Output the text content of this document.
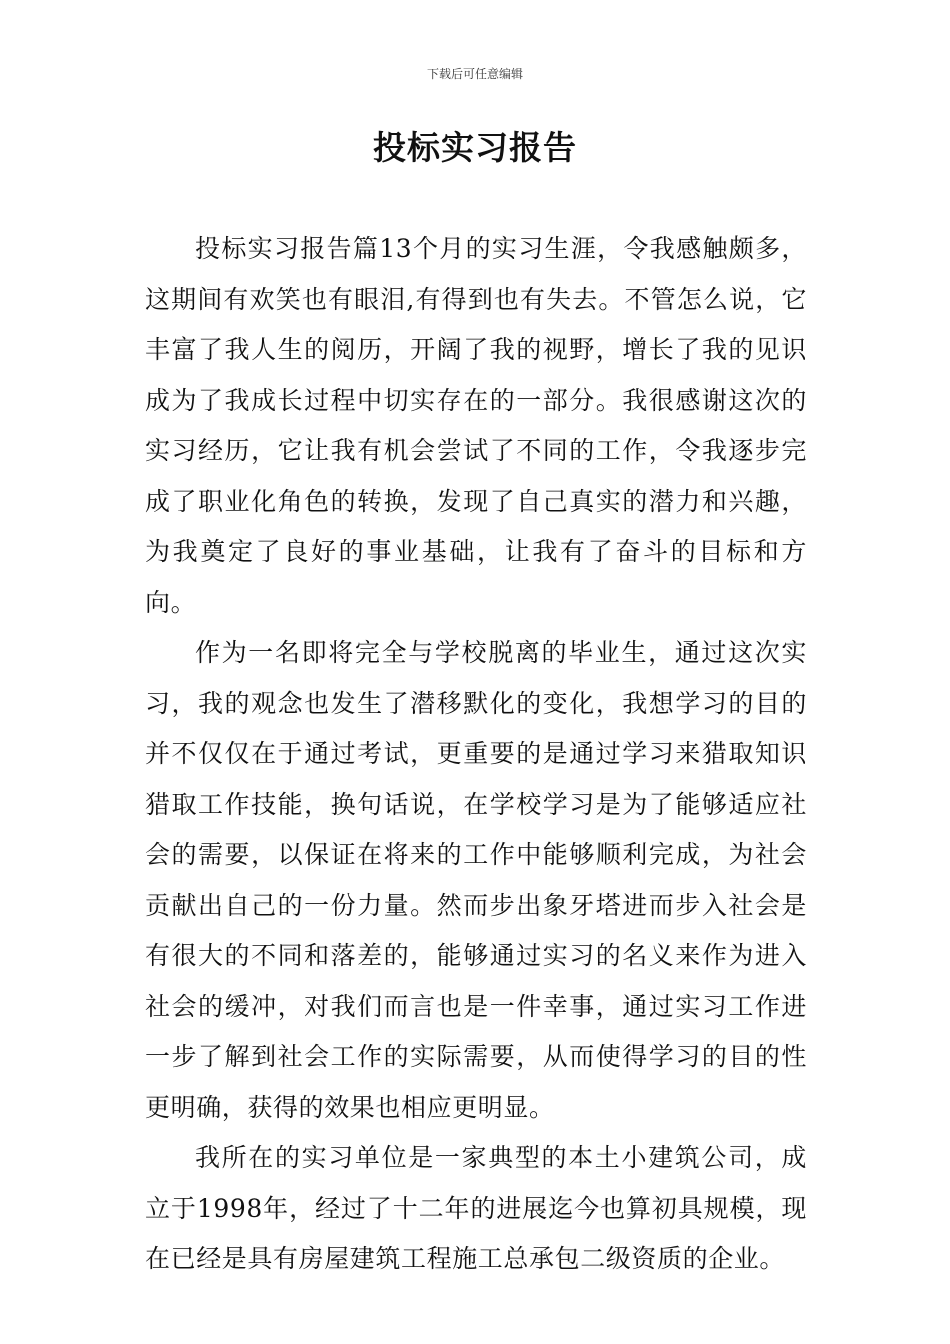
下载后可任意编辑
投标实习报告

投标实习报告篇13个月的实习生涯，令我感触颇多，这期间有欢笑也有眼泪,有得到也有失去。不管怎么说，它丰富了我人生的阅历，开阔了我的视野，增长了我的见识成为了我成长过程中切实存在的一部分。我很感谢这次的实习经历，它让我有机会尝试了不同的工作，令我逐步完成了职业化角色的转换，发现了自己真实的潜力和兴趣，为我奠定了良好的事业基础，让我有了奋斗的目标和方向。

作为一名即将完全与学校脱离的毕业生，通过这次实习，我的观念也发生了潜移默化的变化，我想学习的目的并不仅仅在于通过考试，更重要的是通过学习来猎取知识猎取工作技能，换句话说，在学校学习是为了能够适应社会的需要，以保证在将来的工作中能够顺利完成，为社会贡献出自己的一份力量。然而步出象牙塔进而步入社会是有很大的不同和落差的，能够通过实习的名义来作为进入社会的缓冲，对我们而言也是一件幸事，通过实习工作进一步了解到社会工作的实际需要，从而使得学习的目的性更明确，获得的效果也相应更明显。

我所在的实习单位是一家典型的本土小建筑公司，成立于1998年，经过了十二年的进展迄今也算初具规模，现在已经是具有房屋建筑工程施工总承包二级资质的企业。
